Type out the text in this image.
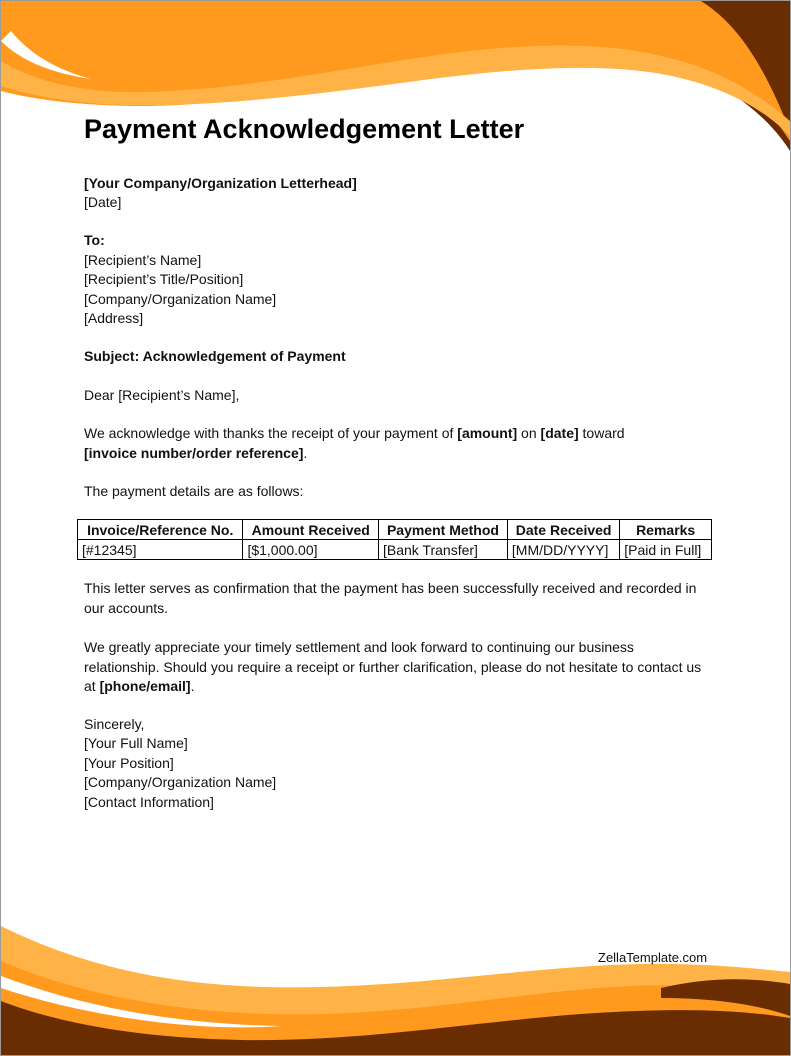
Payment Acknowledgement Letter
[Your Company/Organization Letterhead]
[Date]
To:
[Recipient’s Name]
[Recipient’s Title/Position]
[Company/Organization Name]
[Address]
Subject: Acknowledgement of Payment
Dear [Recipient’s Name],
We acknowledge with thanks the receipt of your payment of [amount] on [date] toward
[invoice number/order reference].
The payment details are as follows:
This letter serves as confirmation that the payment has been successfully received and recorded in our accounts.
We greatly appreciate your timely settlement and look forward to continuing our business relationship. Should you require a receipt or further clarification, please do not hesitate to contact us at [phone/email].
Sincerely,
[Your Full Name]
[Your Position]
[Company/Organization Name]
[Contact Information]
Invoice/Reference No.	Amount Received	Payment Method	Date Received	Remarks
[#12345]	[$1,000.00]	[Bank Transfer]	[MM/DD/YYYY]	[Paid in Full]
ZellaTemplate.com
